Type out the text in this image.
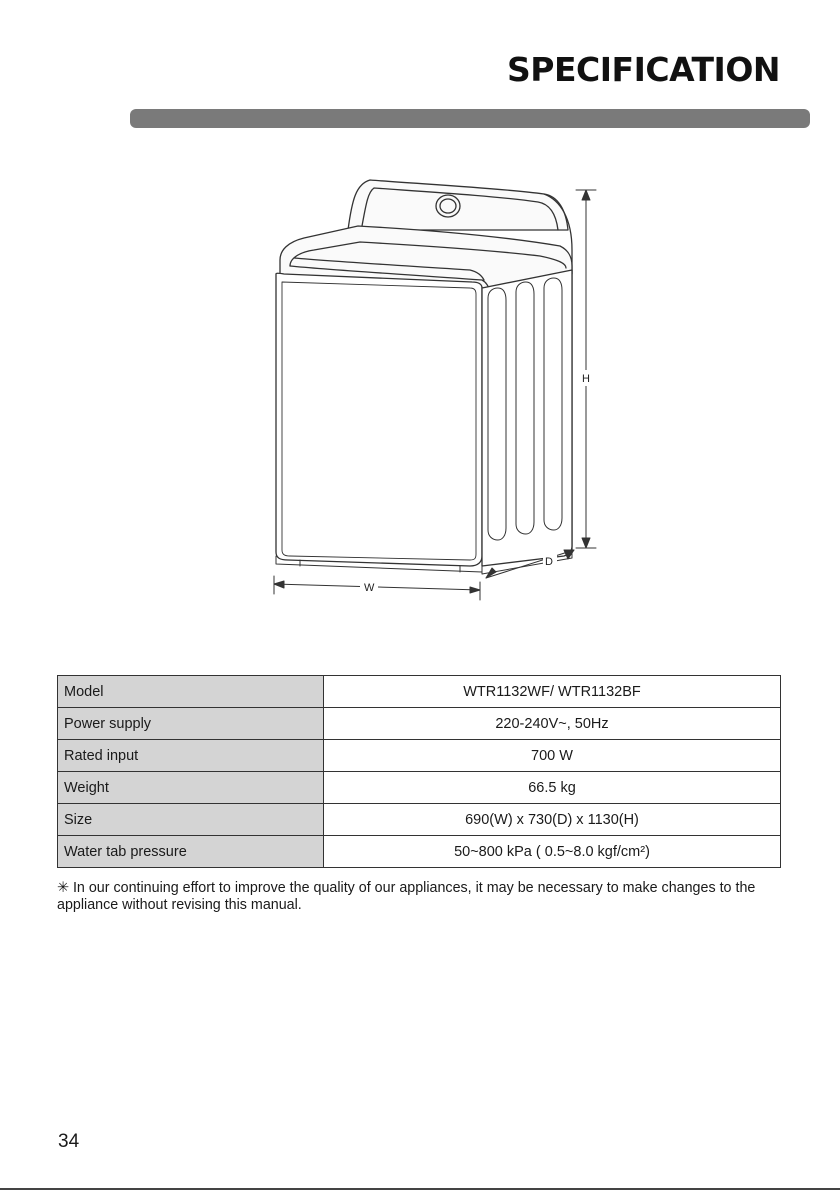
SPECIFICATION
H
D
W
Model	WTR1132WF/ WTR1132BF
Power supply	220-240V~, 50Hz
Rated input	700 W
Weight	66.5 kg
Size	690(W) x 730(D) x 1130(H)
Water tab pressure	50~800 kPa ( 0.5~8.0 kgf/cm²)
✳ In our continuing effort to improve the quality of our appliances, it may be necessary to make changes to the appliance without revising this manual.
34
